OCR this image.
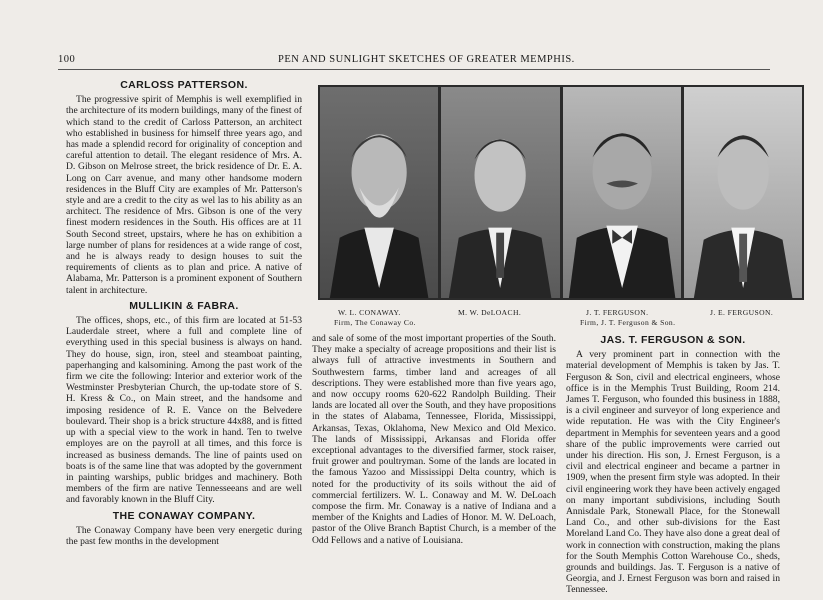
100	PEN AND SUNLIGHT SKETCHES OF GREATER MEMPHIS.
CARLOSS PATTERSON.

The progressive spirit of Memphis is well exemplified in the architecture of its modern buildings, many of the finest of which stand to the credit of Carloss Patterson, an architect who established in business for himself three years ago, and has made a splendid record for originality of conception and careful attention to detail. The elegant residence of Mrs. A. D. Gibson on Melrose street, the brick residence of Dr. E. A. Long on Carr avenue, and many other handsome modern residences in the Bluff City are examples of Mr. Patterson's style and are a credit to the city as wel las to his ability as an architect. The residence of Mrs. Gibson is one of the very finest modern residences in the South. His offices are at 11 South Second street, upstairs, where he has on exhibition a large number of plans for residences at a wide range of cost, and he is always ready to design houses to suit the requirements of clients as to plan and price. A native of Alabama, Mr. Patterson is a prominent exponent of Southern talent in architecture.

MULLIKIN & FABRA.

The offices, shops, etc., of this firm are located at 51-53 Lauderdale street, where a full and complete line of everything used in this special business is always on hand. They do house, sign, iron, steel and steamboat painting, paperhanging and kalsomining. Among the past work of the firm we cite the following: Interior and exterior work of the Westminster Presbyterian Church, the up-todate store of S. H. Kress & Co., on Main street, and the handsome and imposing residence of R. E. Vance on the Belvedere boulevard. Their shop is a brick structure 44x88, and is fitted up with a special view to the work in hand. Ten to twelve employes are on the payroll at all times, and this force is increased as business demands. The line of paints used on boats is of the same line that was adopted by the government in painting warships, public bridges and machinery. Both members of the firm are native Tennesseeans and are well and favorably known in the Bluff City.

THE CONAWAY COMPANY.

The Conaway Company have been very energetic during the past few months in the development

W. L. CONAWAY.
Firm, The Conaway Co.
M. W. DeLOACH.	J. T. FERGUSON.
Firm, J. T. Ferguson & Son.
J. E. FERGUSON.

and sale of some of the most important properties of the South. They make a specialty of acreage propositions and their list is always full of attractive investments in Southern and Southwestern farms, timber land and acreages of all descriptions. They were established more than five years ago, and now occupy rooms 620-622 Randolph Building. Their lands are located all over the South, and they have propositions in the states of Alabama, Tennessee, Florida, Mississippi, Arkansas, Texas, Oklahoma, New Mexico and Old Mexico. The lands of Mississippi, Arkansas and Florida offer exceptional advantages to the diversified farmer, stock raiser, fruit grower and poultryman. Some of the lands are located in the famous Yazoo and Mississippi Delta country, which is noted for the productivity of its soils without the aid of commercial fertilizers. W. L. Conaway and M. W. DeLoach compose the firm. Mr. Conaway is a native of Indiana and a member of the Knights and Ladies of Honor. M. W. DeLoach, pastor of the Olive Branch Baptist Church, is a member of the Odd Fellows and a native of Louisiana.

JAS. T. FERGUSON & SON.

A very prominent part in connection with the material development of Memphis is taken by Jas. T. Ferguson & Son, civil and electrical engineers, whose office is in the Memphis Trust Building, Room 214. James T. Ferguson, who founded this business in 1888, is a civil engineer and surveyor of long experience and wide reputation. He was with the City Engineer's department in Memphis for seventeen years and a good share of the public improvements were carried out under his direction. His son, J. Ernest Ferguson, is a civil and electrical engineer and became a partner in 1909, when the present firm style was adopted. In their civil engineering work they have been actively engaged on many important subdivisions, including South Annisdale Park, Stonewall Place, for the Stonewall Land Co., and other sub-divisions for the East Moreland Land Co. They have also done a great deal of work in connection with construction, making the plans for the South Memphis Cotton Warehouse Co., sheds, grounds and buildings. Jas. T. Ferguson is a native of Georgia, and J. Ernest Ferguson was born and raised in Tennessee.
